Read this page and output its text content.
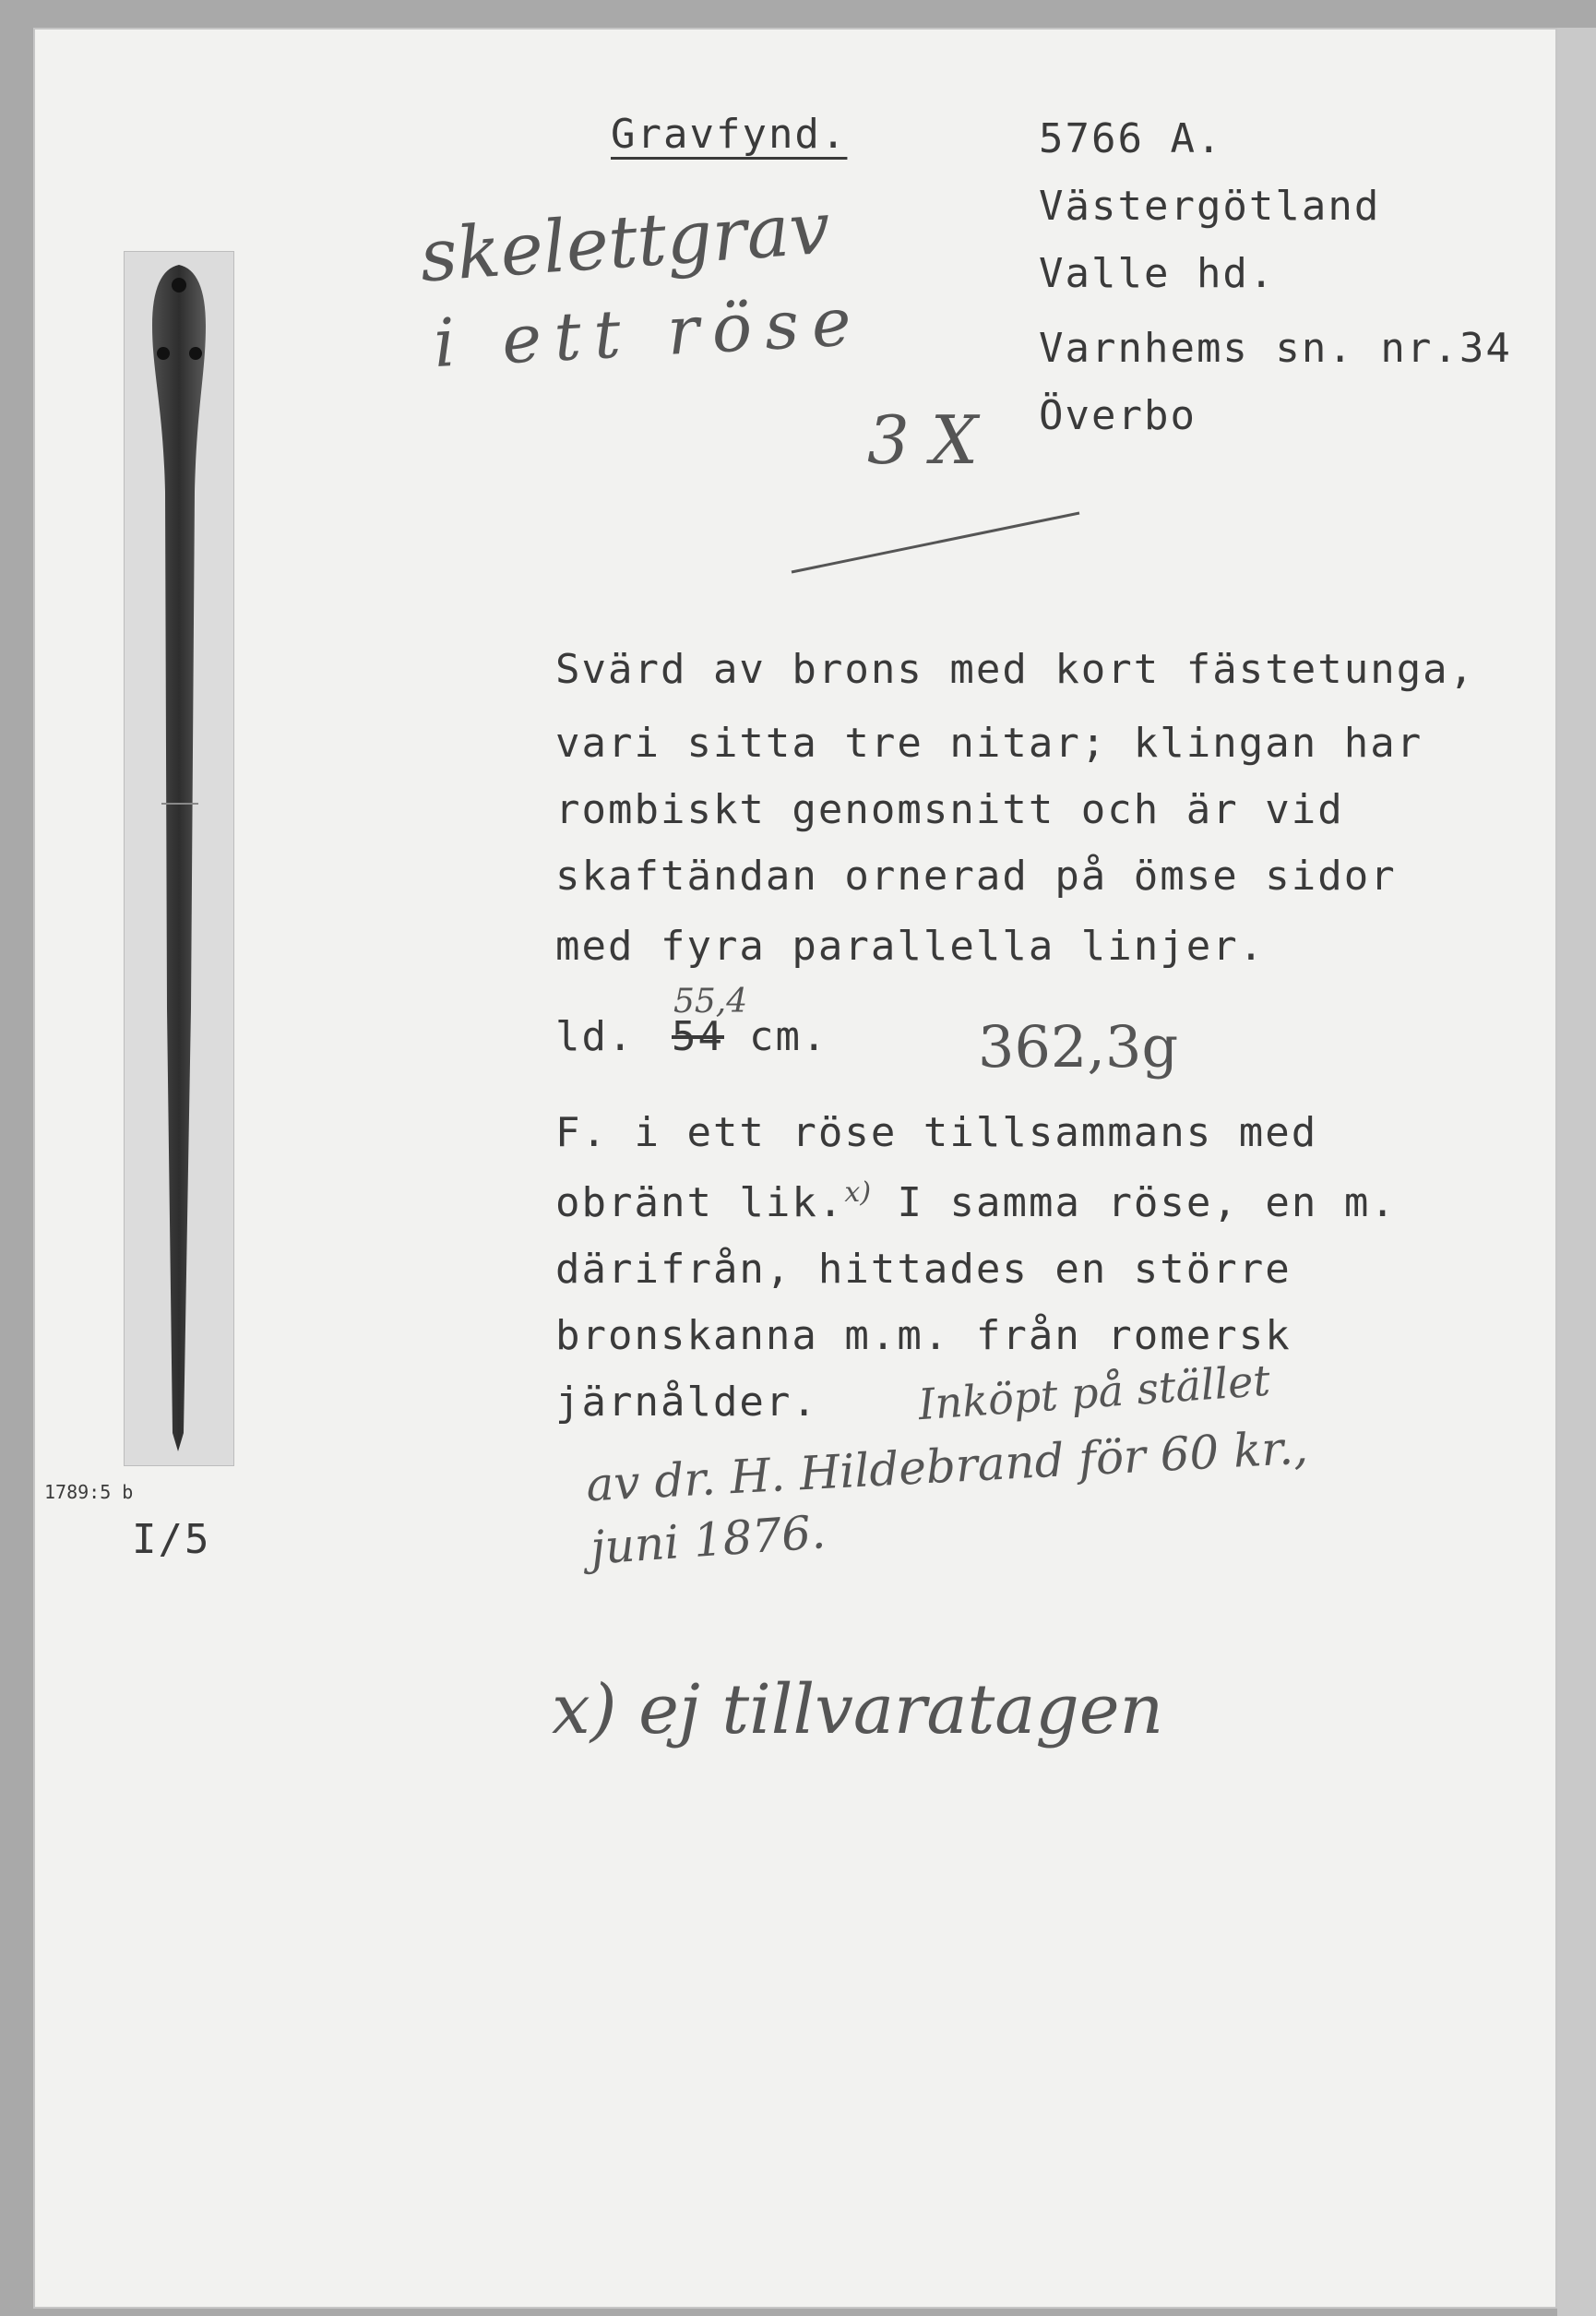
Gravfynd.	5766 A.
Västergötland
Valle hd.
Varnhems sn. nr.34
Överbo
skelettgrav
i ett röse
3 X
1789:5 b
I/5
Svärd av brons med kort fästetunga,
vari sitta tre nitar; klingan har
rombiskt genomsnitt och är vid
skaftändan ornerad på ömse sidor
med fyra parallella linjer.
ld. 54 cm.
55,4
362,3g
F. i ett röse tillsammans med
obränt lik.$^{x)}$ I samma röse, en m.
därifrån, hittades en större
bronskanna m.m. från romersk
järnålder. Inköpt på stället
av dr. H. Hildebrand för 60 kr.,
juni 1876.
x) ej tillvaratagen
